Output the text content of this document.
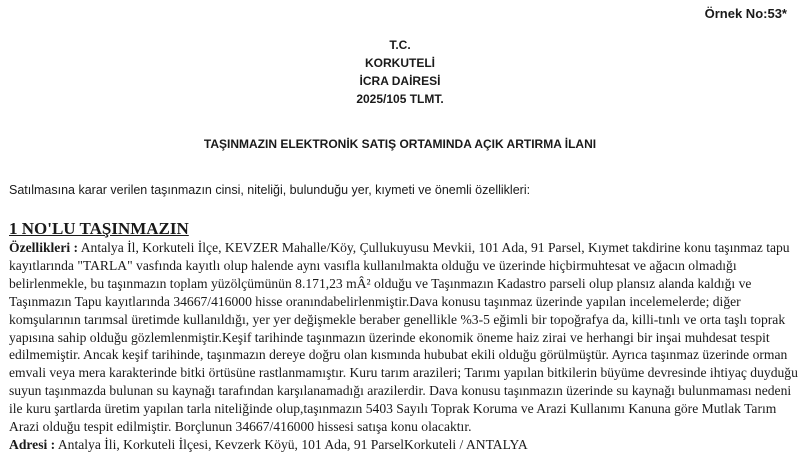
Örnek No:53*
T.C.
KORKUTELİ
İCRA DAİRESİ
2025/105 TLMT.
TAŞINMAZIN ELEKTRONİK SATIŞ ORTAMINDA AÇIK ARTIRMA İLANI
Satılmasına karar verilen taşınmazın cinsi, niteliği, bulunduğu yer, kıymeti ve önemli özellikleri:
1 NO'LU TAŞINMAZIN

Özellikleri : Antalya İl, Korkuteli İlçe, KEVZER Mahalle/Köy, Çullukuyusu Mevkii, 101 Ada, 91 Parsel, Kıymet takdirine konu taşınmaz tapu kayıtlarında "TARLA" vasfında kayıtlı olup halende aynı vasıfla kullanılmakta olduğu ve üzerinde hiçbirmuhtesat ve ağacın olmadığı belirlenmekle, bu taşınmazın toplam yüzölçümünün 8.171,23 mÂ² olduğu ve Taşınmazın Kadastro parseli olup plansız alanda kaldığı ve Taşınmazın Tapu kayıtlarında 34667/416000 hisse oranındabelirlenmiştir.Dava konusu taşınmaz üzerinde yapılan incelemelerde; diğer komşularının tarımsal üretimde kullanıldığı, yer yer değişmekle beraber genellikle %3-5 eğimli bir topoğrafya da, killi-tınlı ve orta taşlı toprak yapısına sahip olduğu gözlemlenmiştir.Keşif tarihinde taşınmazın üzerinde ekonomik öneme haiz zirai ve herhangi bir inşai muhdesat tespit edilmemiştir. Ancak keşif tarihinde, taşınmazın dereye doğru olan kısmında hububat ekili olduğu görülmüştür. Ayrıca taşınmaz üzerinde orman emvali veya mera karakterinde bitki örtüsüne rastlanmamıştır. Kuru tarım arazileri; Tarımı yapılan bitkilerin büyüme devresinde ihtiyaç duyduğu suyun taşınmazda bulunan su kaynağı tarafından karşılanamadığı arazilerdir. Dava konusu taşınmazın üzerinde su kaynağı bulunmaması nedeni ile kuru şartlarda üretim yapılan tarla niteliğinde olup,taşınmazın 5403 Sayılı Toprak Koruma ve Arazi Kullanımı Kanuna göre Mutlak Tarım Arazi olduğu tespit edilmiştir. Borçlunun 34667/416000 hissesi satışa konu olacaktır.

Adresi : Antalya İli, Korkuteli İlçesi, Kevzerk Köyü, 101 Ada, 91 ParselKorkuteli / ANTALYA
